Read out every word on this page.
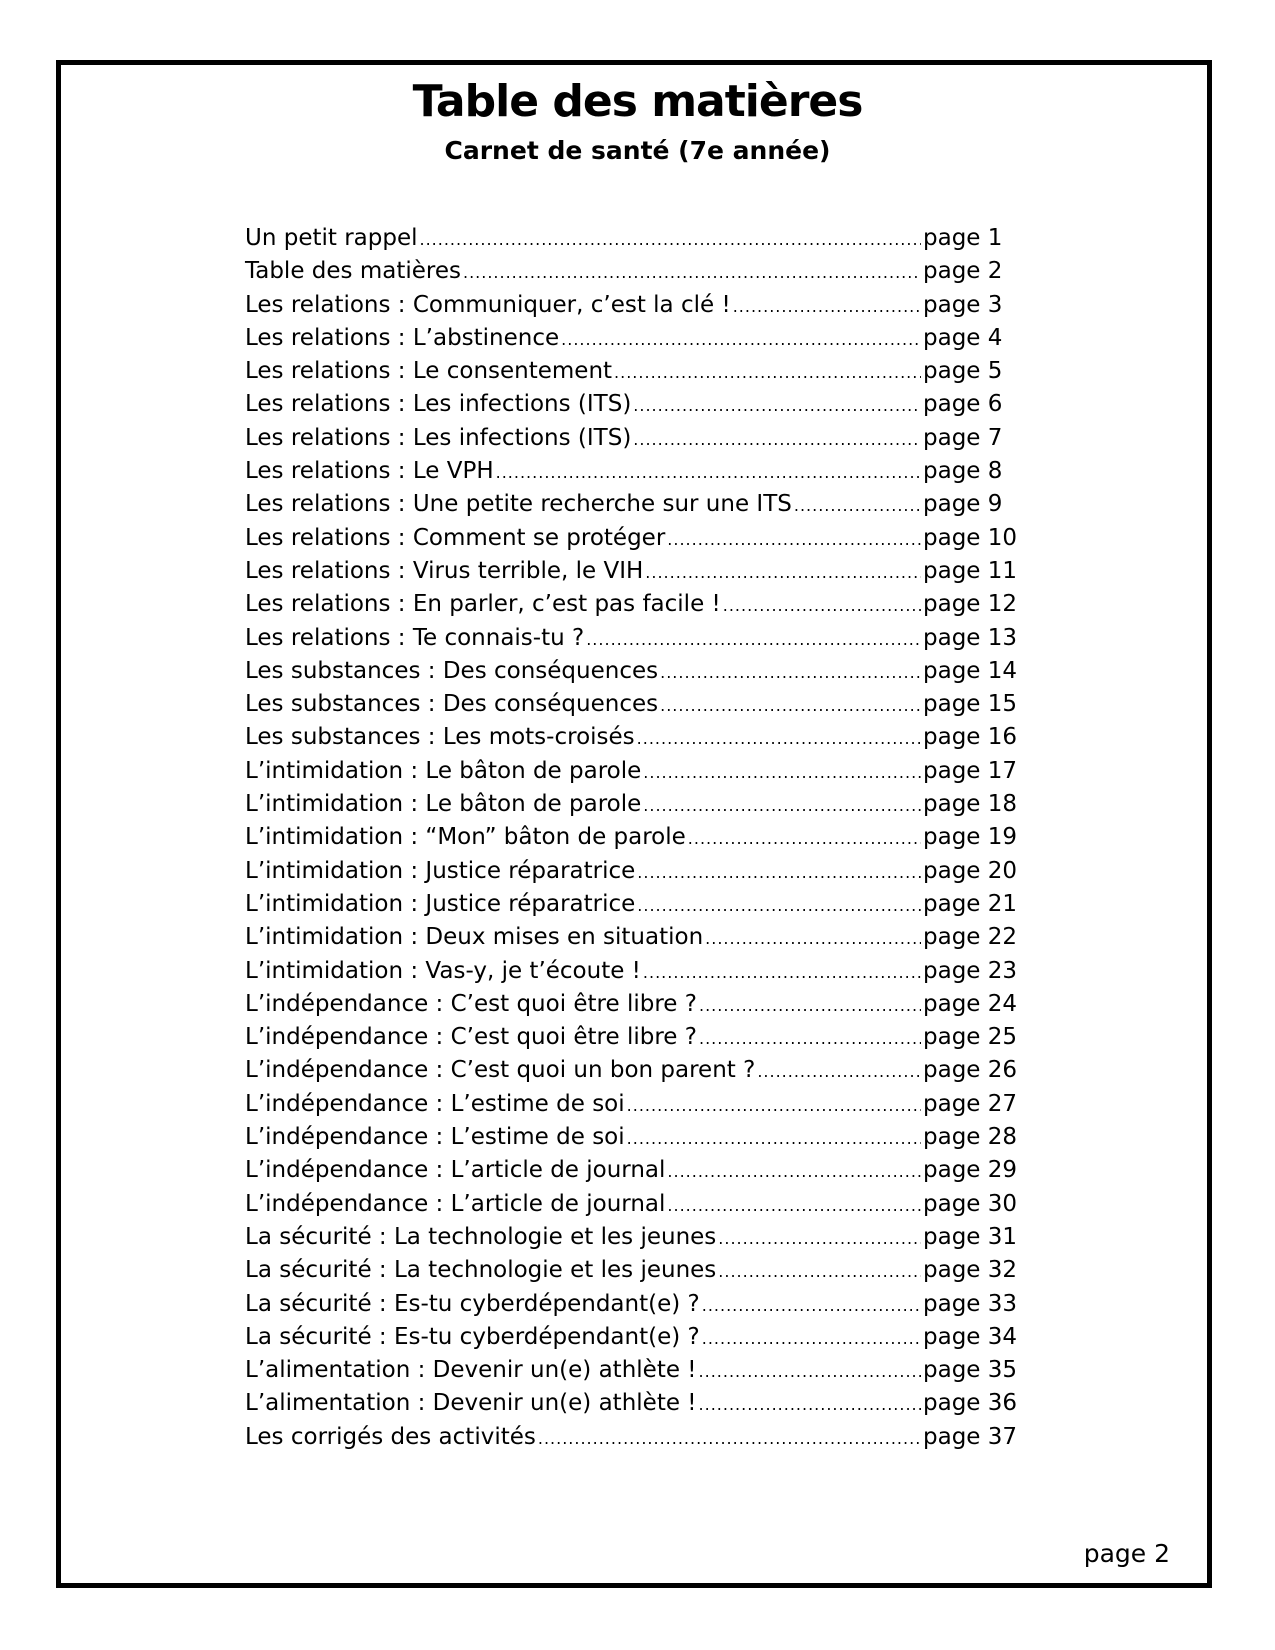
Table des matières
Carnet de santé (7e année)
Un petit rappel .....	page 1
Table des matières .....	page 2
Les relations : Communiquer, c’est la clé ! .....	page 3
Les relations : L’abstinence .....	page 4
Les relations : Le consentement .....	page 5
Les relations : Les infections (ITS) .....	page 6
Les relations : Les infections (ITS) .....	page 7
Les relations : Le VPH .....	page 8
Les relations : Une petite recherche sur une ITS .....	page 9
Les relations : Comment se protéger .....	page 10
Les relations : Virus terrible, le VIH .....	page 11
Les relations : En parler, c’est pas facile ! .....	page 12
Les relations : Te connais-tu ? .....	page 13
Les substances : Des conséquences .....	page 14
Les substances : Des conséquences .....	page 15
Les substances : Les mots-croisés .....	page 16
L’intimidation : Le bâton de parole .....	page 17
L’intimidation : Le bâton de parole .....	page 18
L’intimidation : “Mon” bâton de parole .....	page 19
L’intimidation : Justice réparatrice .....	page 20
L’intimidation : Justice réparatrice .....	page 21
L’intimidation : Deux mises en situation .....	page 22
L’intimidation : Vas-y, je t’écoute ! .....	page 23
L’indépendance : C’est quoi être libre ? .....	page 24
L’indépendance : C’est quoi être libre ? .....	page 25
L’indépendance : C’est quoi un bon parent ? .....	page 26
L’indépendance : L’estime de soi .....	page 27
L’indépendance : L’estime de soi .....	page 28
L’indépendance : L’article de journal .....	page 29
L’indépendance : L’article de journal .....	page 30
La sécurité : La technologie et les jeunes .....	page 31
La sécurité : La technologie et les jeunes .....	page 32
La sécurité : Es-tu cyberdépendant(e) ? .....	page 33
La sécurité : Es-tu cyberdépendant(e) ? .....	page 34
L’alimentation : Devenir un(e) athlète ! .....	page 35
L’alimentation : Devenir un(e) athlète ! .....	page 36
Les corrigés des activités .....	page 37
page 2
